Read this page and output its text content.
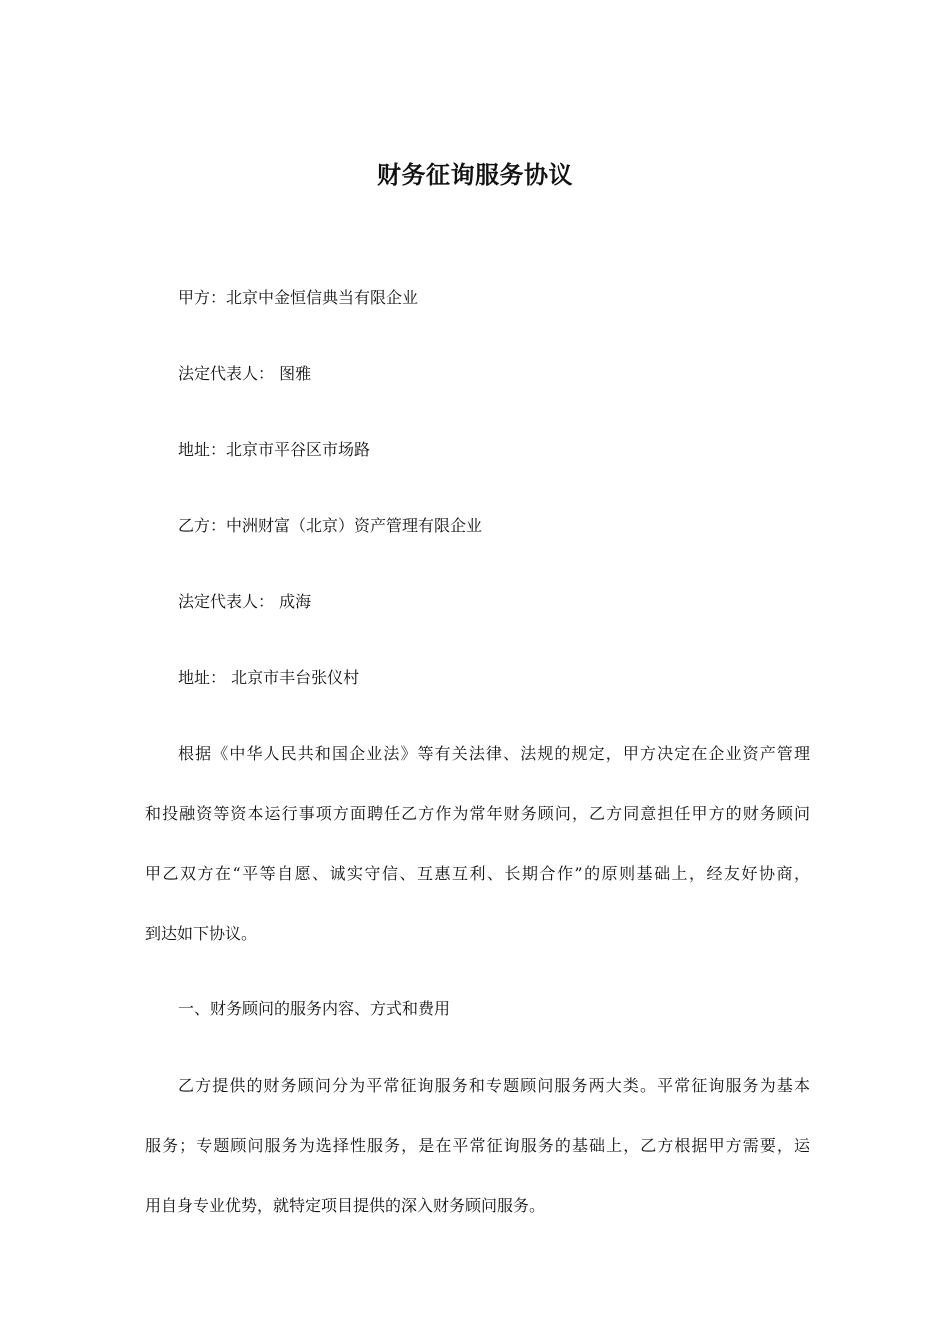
财务征询服务协议
甲方：北京中金恒信典当有限企业
法定代表人： 图雅
地址：北京市平谷区市场路
乙方：中洲财富（北京）资产管理有限企业
法定代表人： 成海
地址： 北京市丰台张仪村
根据《中华人民共和国企业法》等有关法律、法规的规定，甲方决定在企业资产管理
和投融资等资本运行事项方面聘任乙方作为常年财务顾问，乙方同意担任甲方的财务顾问
甲乙双方在“平等自愿、诚实守信、互惠互利、长期合作”的原则基础上，经友好协商，
到达如下协议。
一、财务顾问的服务内容、方式和费用
乙方提供的财务顾问分为平常征询服务和专题顾问服务两大类。平常征询服务为基本
服务；专题顾问服务为选择性服务，是在平常征询服务的基础上，乙方根据甲方需要，运
用自身专业优势，就特定项目提供的深入财务顾问服务。
